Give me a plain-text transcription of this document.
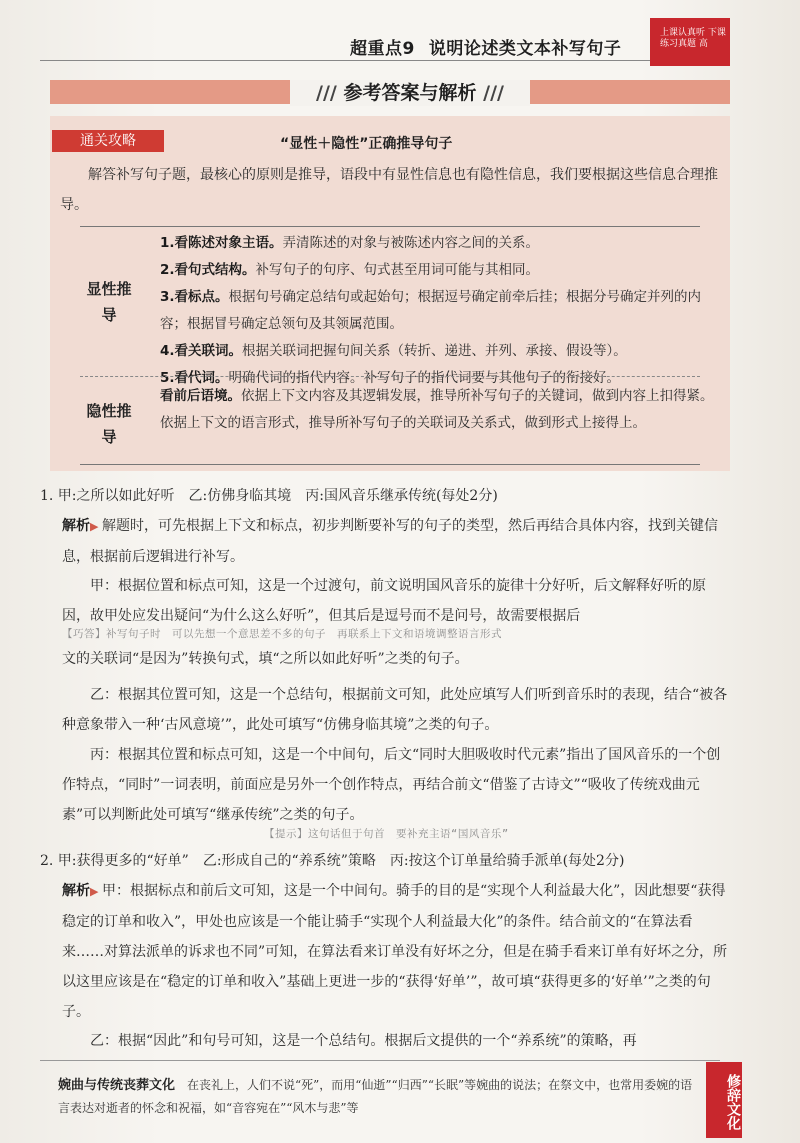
超重点9 说明论述类文本补写句子
上课认真听 下课练习真题 高
/// 参考答案与解析 ///
通关攻略	“显性＋隐性”正确推导句子
解答补写句子题，最核心的原则是推导，语段中有显性信息也有隐性信息，我们要根据这些信息合理推导。
显性推导
1.看陈述对象主语。弄清陈述的对象与被陈述内容之间的关系。
2.看句式结构。补写句子的句序、句式甚至用词可能与其相同。
3.看标点。根据句号确定总结句或起始句；根据逗号确定前牵后挂；根据分号确定并列的内容；根据冒号确定总领句及其领属范围。
4.看关联词。根据关联词把握句间关系（转折、递进、并列、承接、假设等）。
5.看代词。明确代词的指代内容。补写句子的指代词要与其他句子的衔接好。
隐性推导
看前后语境。依据上下文内容及其逻辑发展，推导所补写句子的关键词，做到内容上扣得紧。依据上下文的语言形式，推导所补写句子的关联词及关系式，做到形式上接得上。
1. 甲:之所以如此好听　乙:仿佛身临其境　丙:国风音乐继承传统(每处2分)
解析▶ 解题时，可先根据上下文和标点，初步判断要补写的句子的类型，然后再结合具体内容，找到关键信息，根据前后逻辑进行补写。
甲：根据位置和标点可知，这是一个过渡句，前文说明国风音乐的旋律十分好听，后文解释好听的原因，故甲处应发出疑问“为什么这么好听”，但其后是逗号而不是问号，故需要根据后
【巧答】补写句子时　可以先想一个意思差不多的句子　再联系上下文和语境调整语言形式
文的关联词“是因为”转换句式，填“之所以如此好听”之类的句子。
乙：根据其位置可知，这是一个总结句，根据前文可知，此处应填写人们听到音乐时的表现，结合“被各种意象带入一种‘古风意境’”，此处可填写“仿佛身临其境”之类的句子。
丙：根据其位置和标点可知，这是一个中间句，后文“同时大胆吸收时代元素”指出了国风音乐的一个创作特点，“同时”一词表明，前面应是另外一个创作特点，再结合前文“借鉴了古诗文”“吸收了传统戏曲元素”可以判断此处可填写“继承传统”之类的句子。
【提示】这句话但于句首　要补充主语“国风音乐”
2. 甲:获得更多的“好单”　乙:形成自己的“养系统”策略　丙:按这个订单量给骑手派单(每处2分)
解析▶ 甲：根据标点和前后文可知，这是一个中间句。骑手的目的是“实现个人利益最大化”，因此想要“获得稳定的订单和收入”，甲处也应该是一个能让骑手“实现个人利益最大化”的条件。结合前文的“在算法看来……对算法派单的诉求也不同”可知，在算法看来订单没有好坏之分，但是在骑手看来订单有好坏之分，所以这里应该是在“稳定的订单和收入”基础上更进一步的“获得‘好单’”，故可填“获得更多的‘好单’”之类的句子。
乙：根据“因此”和句号可知，这是一个总结句。根据后文提供的一个“养系统”的策略，再
婉曲与传统丧葬文化 在丧礼上，人们不说“死”，而用“仙逝”“归西”“长眠”等婉曲的说法；在祭文中，也常用委婉的语言表达对逝者的怀念和祝福，如“音容宛在”“风木与悲”等	修辞文化
